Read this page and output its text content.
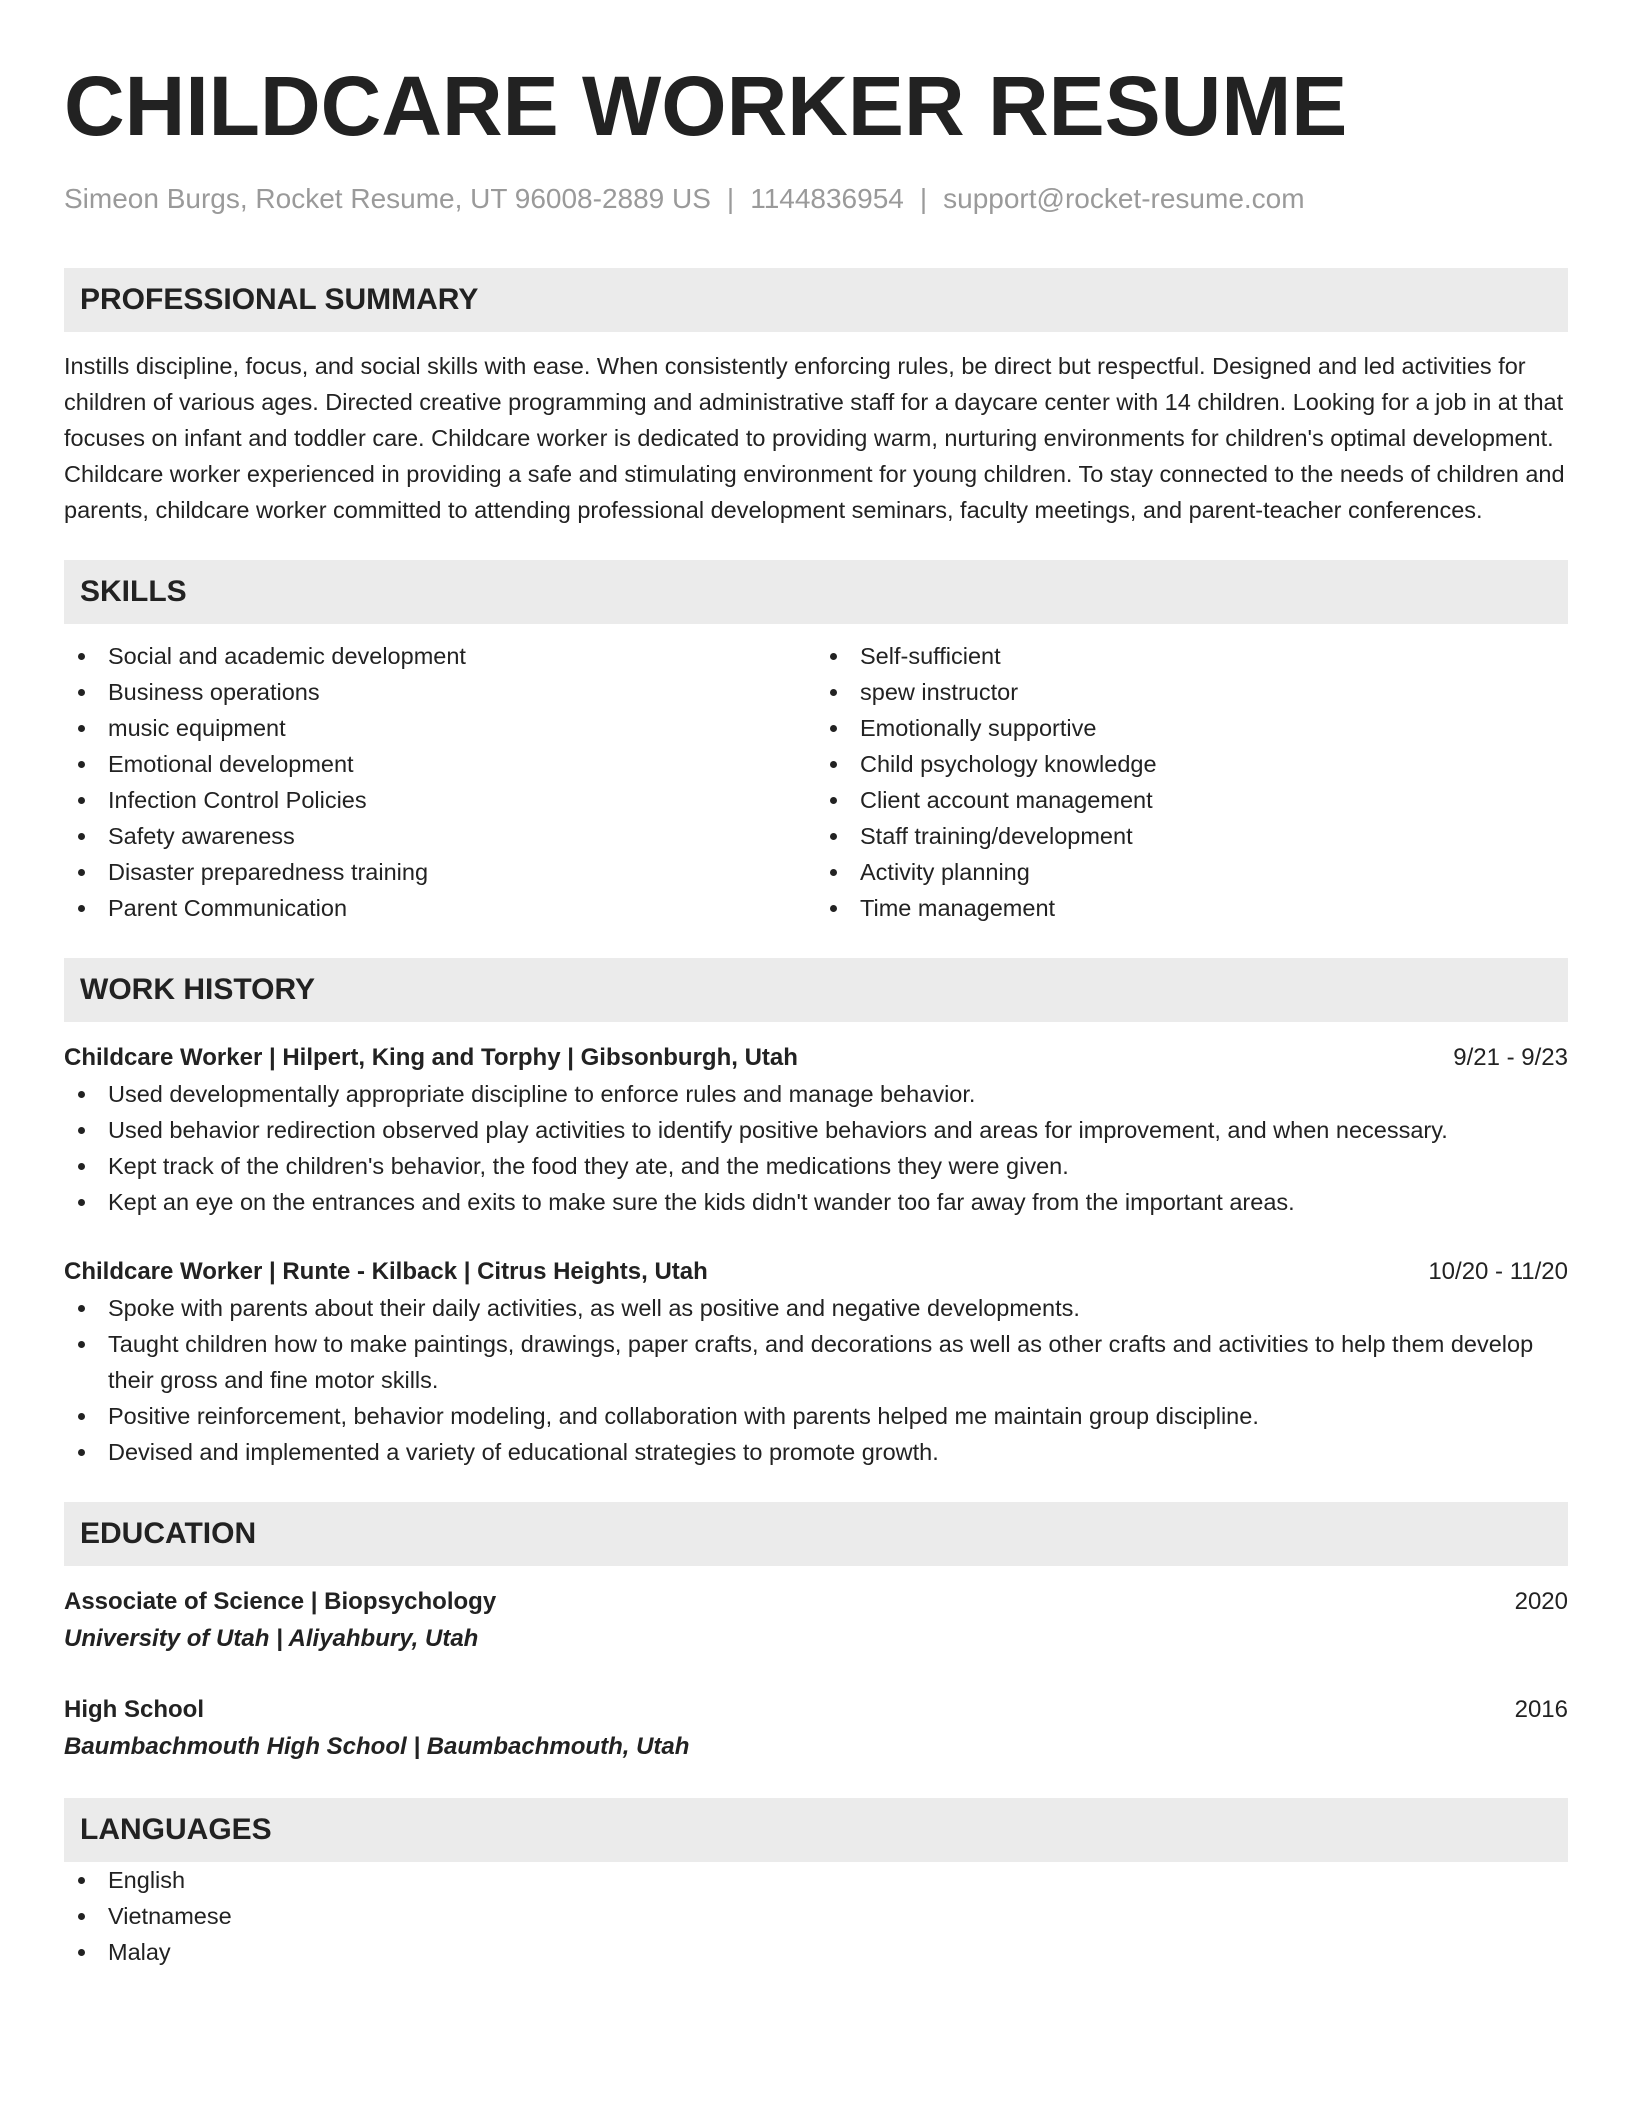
CHILDCARE WORKER RESUME
Simeon Burgs, Rocket Resume, UT 96008-2889 US | 1144836954 | support@rocket-resume.com
PROFESSIONAL SUMMARY
Instills discipline, focus, and social skills with ease. When consistently enforcing rules, be direct but respectful. Designed and led activities for children of various ages. Directed creative programming and administrative staff for a daycare center with 14 children. Looking for a job in at that focuses on infant and toddler care. Childcare worker is dedicated to providing warm, nurturing environments for children's optimal development. Childcare worker experienced in providing a safe and stimulating environment for young children. To stay connected to the needs of children and parents, childcare worker committed to attending professional development seminars, faculty meetings, and parent-teacher conferences.
SKILLS
Social and academic development
Business operations
music equipment
Emotional development
Infection Control Policies
Safety awareness
Disaster preparedness training
Parent Communication
Self-sufficient
spew instructor
Emotionally supportive
Child psychology knowledge
Client account management
Staff training/development
Activity planning
Time management
WORK HISTORY
Childcare Worker | Hilpert, King and Torphy | Gibsonburgh, Utah	9/21 - 9/23
Used developmentally appropriate discipline to enforce rules and manage behavior.
Used behavior redirection observed play activities to identify positive behaviors and areas for improvement, and when necessary.
Kept track of the children's behavior, the food they ate, and the medications they were given.
Kept an eye on the entrances and exits to make sure the kids didn't wander too far away from the important areas.
Childcare Worker | Runte - Kilback | Citrus Heights, Utah	10/20 - 11/20
Spoke with parents about their daily activities, as well as positive and negative developments.
Taught children how to make paintings, drawings, paper crafts, and decorations as well as other crafts and activities to help them develop their gross and fine motor skills.
Positive reinforcement, behavior modeling, and collaboration with parents helped me maintain group discipline.
Devised and implemented a variety of educational strategies to promote growth.
EDUCATION
Associate of Science | Biopsychology	2020
University of Utah | Aliyahbury, Utah
High School	2016
Baumbachmouth High School | Baumbachmouth, Utah
LANGUAGES
English
Vietnamese
Malay
